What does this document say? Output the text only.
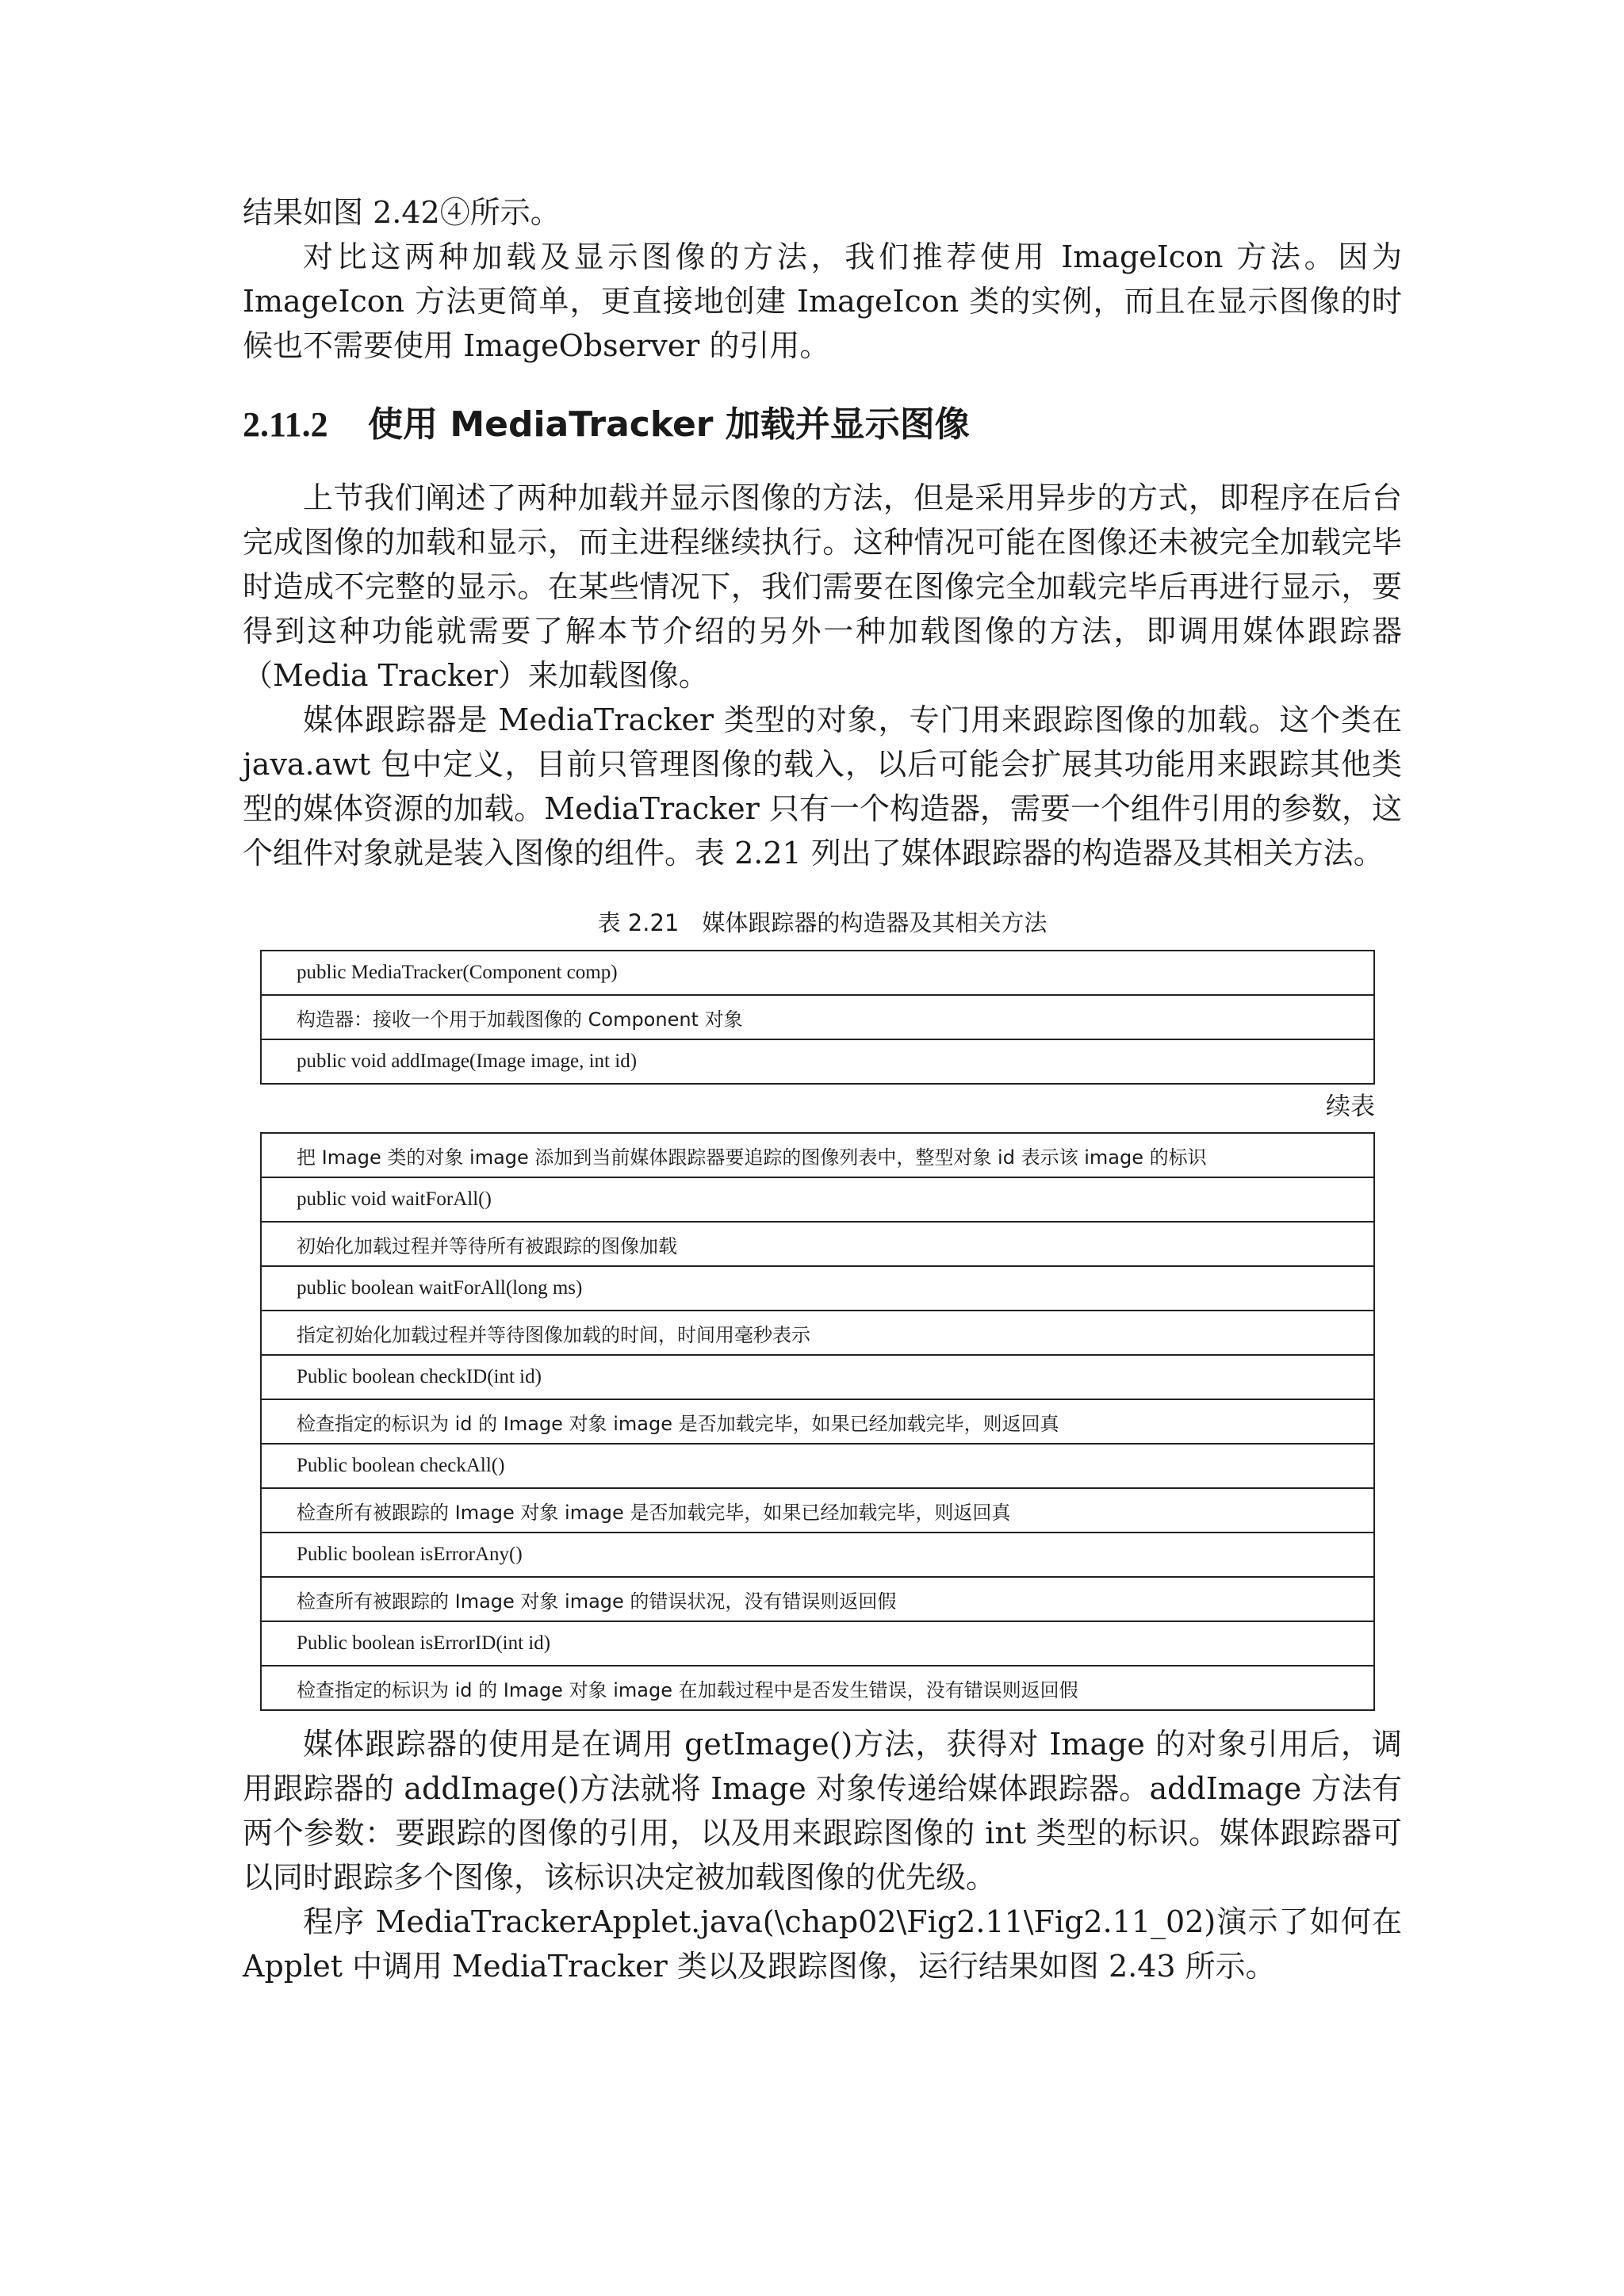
结果如图 2.42④所示。

对比这两种加载及显示图像的方法，我们推荐使用 ImageIcon 方法。因为 ImageIcon 方法更简单，更直接地创建 ImageIcon 类的实例，而且在显示图像的时候也不需要使用 ImageObserver 的引用。

2.11.2 使用 MediaTracker 加载并显示图像

上节我们阐述了两种加载并显示图像的方法，但是采用异步的方式，即程序在后台完成图像的加载和显示，而主进程继续执行。这种情况可能在图像还未被完全加载完毕时造成不完整的显示。在某些情况下，我们需要在图像完全加载完毕后再进行显示，要得到这种功能就需要了解本节介绍的另外一种加载图像的方法，即调用媒体跟踪器（Media Tracker）来加载图像。

媒体跟踪器是 MediaTracker 类型的对象，专门用来跟踪图像的加载。这个类在 java.awt 包中定义，目前只管理图像的载入，以后可能会扩展其功能用来跟踪其他类型的媒体资源的加载。MediaTracker 只有一个构造器，需要一个组件引用的参数，这个组件对象就是装入图像的组件。表 2.21 列出了媒体跟踪器的构造器及其相关方法。

表 2.21　媒体跟踪器的构造器及其相关方法
public MediaTracker(Component comp)
构造器：接收一个用于加载图像的 Component 对象
public void addImage(Image image, int id)
续表
把 Image 类的对象 image 添加到当前媒体跟踪器要追踪的图像列表中，整型对象 id 表示该 image 的标识
public void waitForAll()
初始化加载过程并等待所有被跟踪的图像加载
public boolean waitForAll(long ms)
指定初始化加载过程并等待图像加载的时间，时间用毫秒表示
Public boolean checkID(int id)
检查指定的标识为 id 的 Image 对象 image 是否加载完毕，如果已经加载完毕，则返回真
Public boolean checkAll()
检查所有被跟踪的 Image 对象 image 是否加载完毕，如果已经加载完毕，则返回真
Public boolean isErrorAny()
检查所有被跟踪的 Image 对象 image 的错误状况，没有错误则返回假
Public boolean isErrorID(int id)
检查指定的标识为 id 的 Image 对象 image 在加载过程中是否发生错误，没有错误则返回假

媒体跟踪器的使用是在调用 getImage()方法，获得对 Image 的对象引用后，调用跟踪器的 addImage()方法就将 Image 对象传递给媒体跟踪器。addImage 方法有两个参数：要跟踪的图像的引用，以及用来跟踪图像的 int 类型的标识。媒体跟踪器可以同时跟踪多个图像，该标识决定被加载图像的优先级。

程序 MediaTrackerApplet.java(\chap02\Fig2.11\Fig2.11_02)演示了如何在 Applet 中调用 MediaTracker 类以及跟踪图像，运行结果如图 2.43 所示。
